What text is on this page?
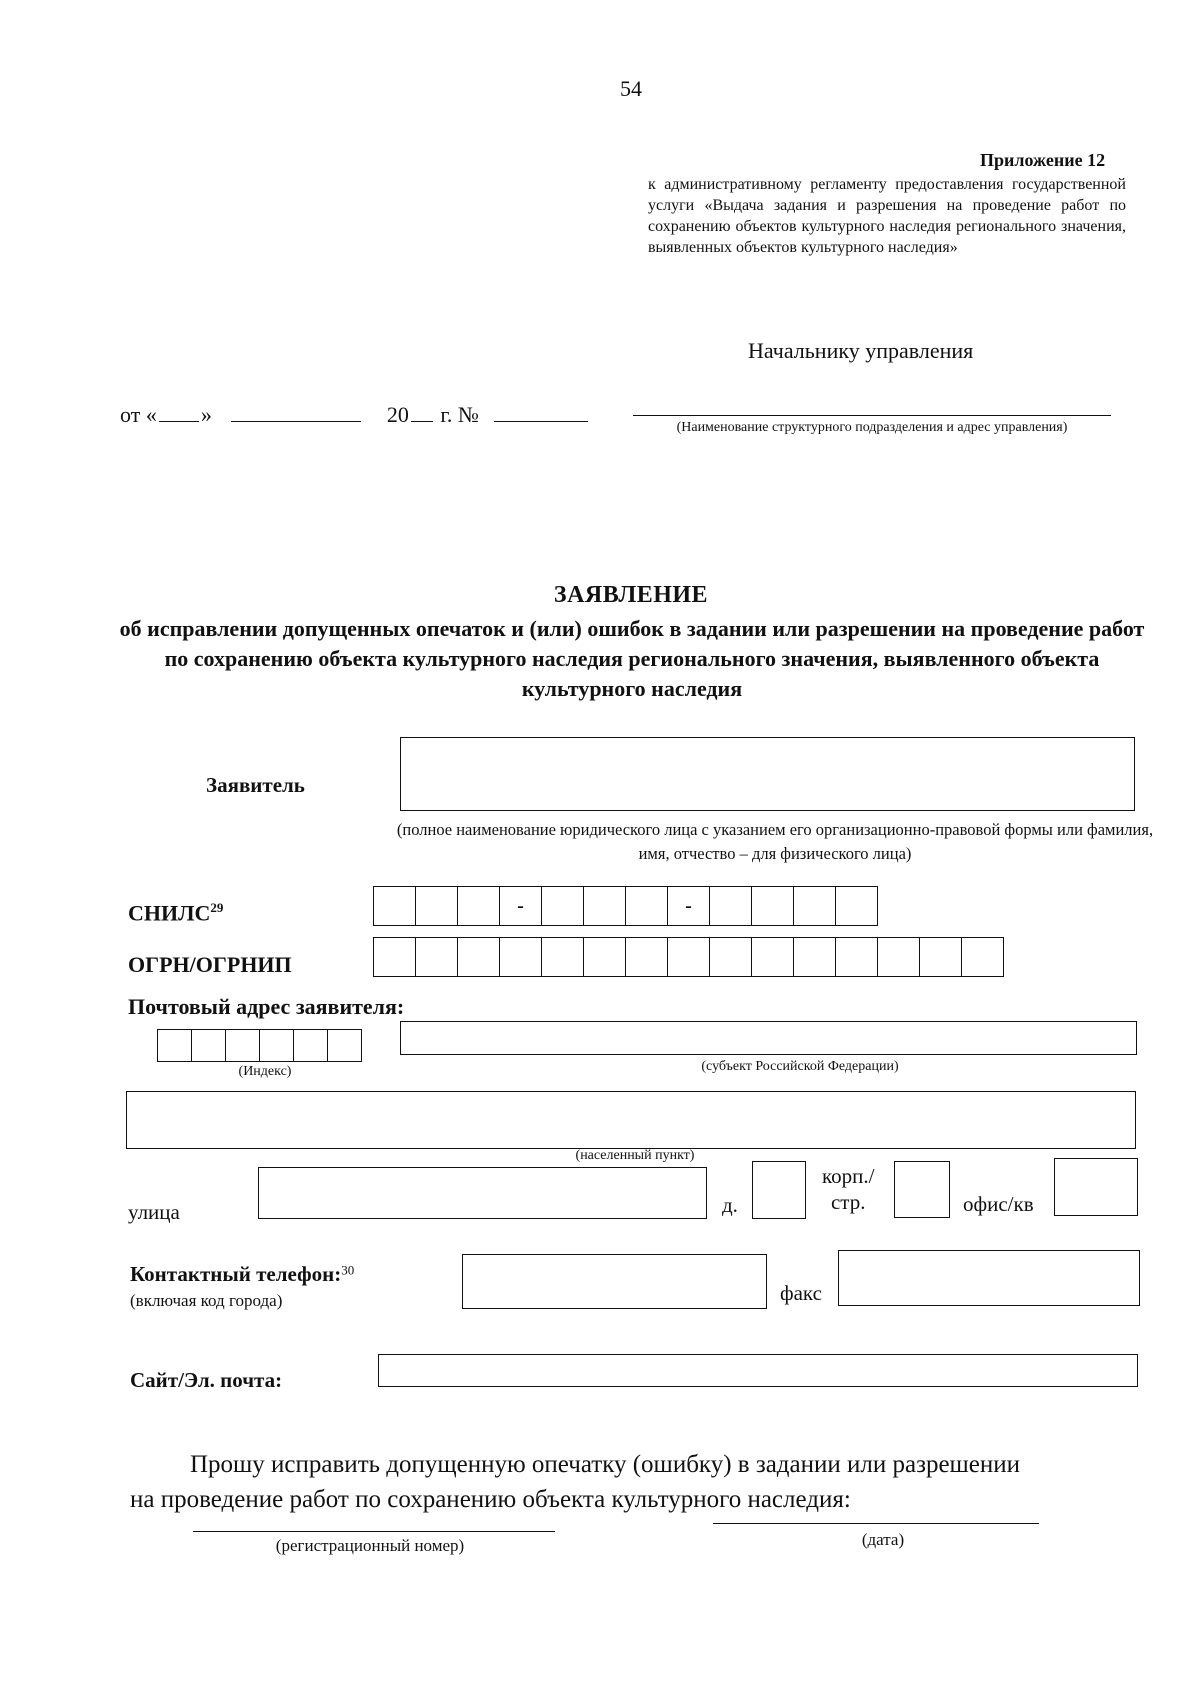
54
Приложение 12
к административному регламенту предоставления государственной услуги «Выдача задания и разрешения на проведение работ по сохранению объектов культурного наследия регионального значения, выявленных объектов культурного наследия»
Начальнику управления
от « »	20 г. №
(Наименование структурного подразделения и адрес управления)
ЗАЯВЛЕНИЕ
об исправлении допущенных опечаток и (или) ошибок в задании или разрешении на проведение работ по сохранению объекта культурного наследия регионального значения, выявленного объекта культурного наследия
Заявитель
(полное наименование юридического лица с указанием его организационно-правовой формы или фамилия, имя, отчество – для физического лица)
СНИЛС$^{29}$	-	-
ОГРН/ОГРНИП
Почтовый адрес заявителя:
(Индекс)	(субъект Российской Федерации)
(населенный пункт)
улица	д.
корп./
стр.	офис/кв
Контактный телефон:$^{30}$
(включая код города)	факс
Сайт/Эл. почта:
Прошу исправить допущенную опечатку (ошибку) в задании или разрешении
на проведение работ по сохранению объекта культурного наследия:
(регистрационный номер)	(дата)
